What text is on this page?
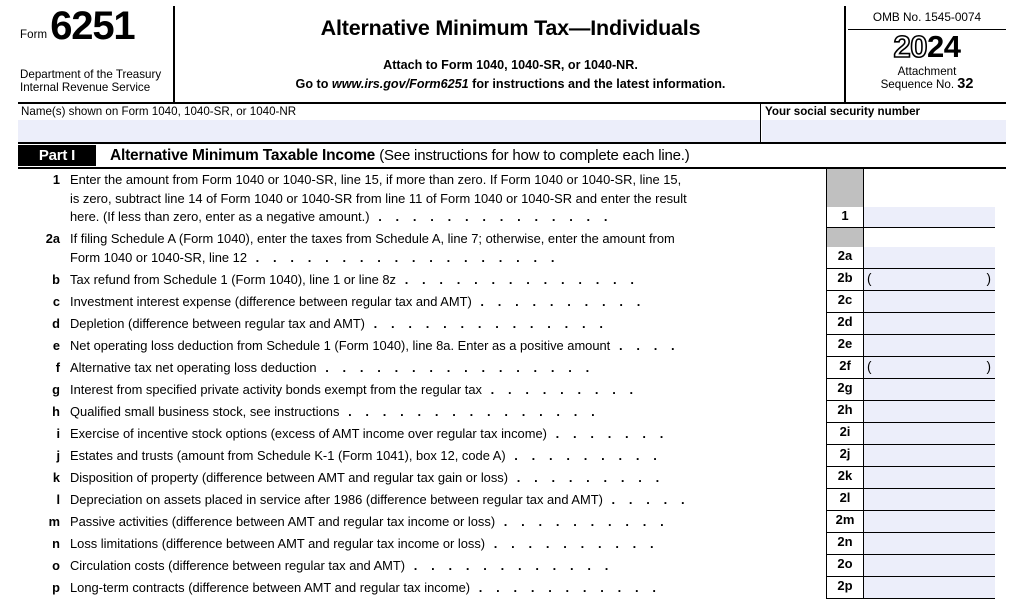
Form 6251
Department of the Treasury
Internal Revenue Service
Alternative Minimum Tax—Individuals
Attach to Form 1040, 1040-SR, or 1040-NR.
Go to www.irs.gov/Form6251 for instructions and the latest information.
OMB No. 1545-0074
2024
Attachment
Sequence No. 32
Name(s) shown on Form 1040, 1040-SR, or 1040-NR	Your social security number
Part I	Alternative Minimum Taxable Income (See instructions for how to complete each line.)
1 Enter the amount from Form 1040 or 1040-SR, line 15, if more than zero. If Form 1040 or 1040-SR, line 15,
is zero, subtract line 14 of Form 1040 or 1040-SR from line 11 of Form 1040 or 1040-SR and enter the result
here. (If less than zero, enter as a negative amount.) . . . . . . . . . . . . . .	1
2a If filing Schedule A (Form 1040), enter the taxes from Schedule A, line 7; otherwise, enter the amount from
Form 1040 or 1040-SR, line 12 . . . . . . . . . . . . . . . . . .	2a
b Tax refund from Schedule 1 (Form 1040), line 1 or line 8z . . . . . . . . . . . . . .	2b	(	)
c Investment interest expense (difference between regular tax and AMT) . . . . . . . . . .	2c
d Depletion (difference between regular tax and AMT) . . . . . . . . . . . . . .	2d
e Net operating loss deduction from Schedule 1 (Form 1040), line 8a. Enter as a positive amount . . . .	2e
f Alternative tax net operating loss deduction . . . . . . . . . . . . . . . .	2f	(	)
g Interest from specified private activity bonds exempt from the regular tax . . . . . . . . .	2g
h Qualified small business stock, see instructions . . . . . . . . . . . . . . .	2h
i Exercise of incentive stock options (excess of AMT income over regular tax income) . . . . . . .	2i
j Estates and trusts (amount from Schedule K-1 (Form 1041), box 12, code A) . . . . . . . . .	2j
k Disposition of property (difference between AMT and regular tax gain or loss) . . . . . . . . .	2k
l Depreciation on assets placed in service after 1986 (difference between regular tax and AMT) . . . . .	2l
m Passive activities (difference between AMT and regular tax income or loss) . . . . . . . . . .	2m
n Loss limitations (difference between AMT and regular tax income or loss) . . . . . . . . . .	2n
o Circulation costs (difference between regular tax and AMT) . . . . . . . . . . . .	2o
p Long-term contracts (difference between AMT and regular tax income) . . . . . . . . . . .	2p
